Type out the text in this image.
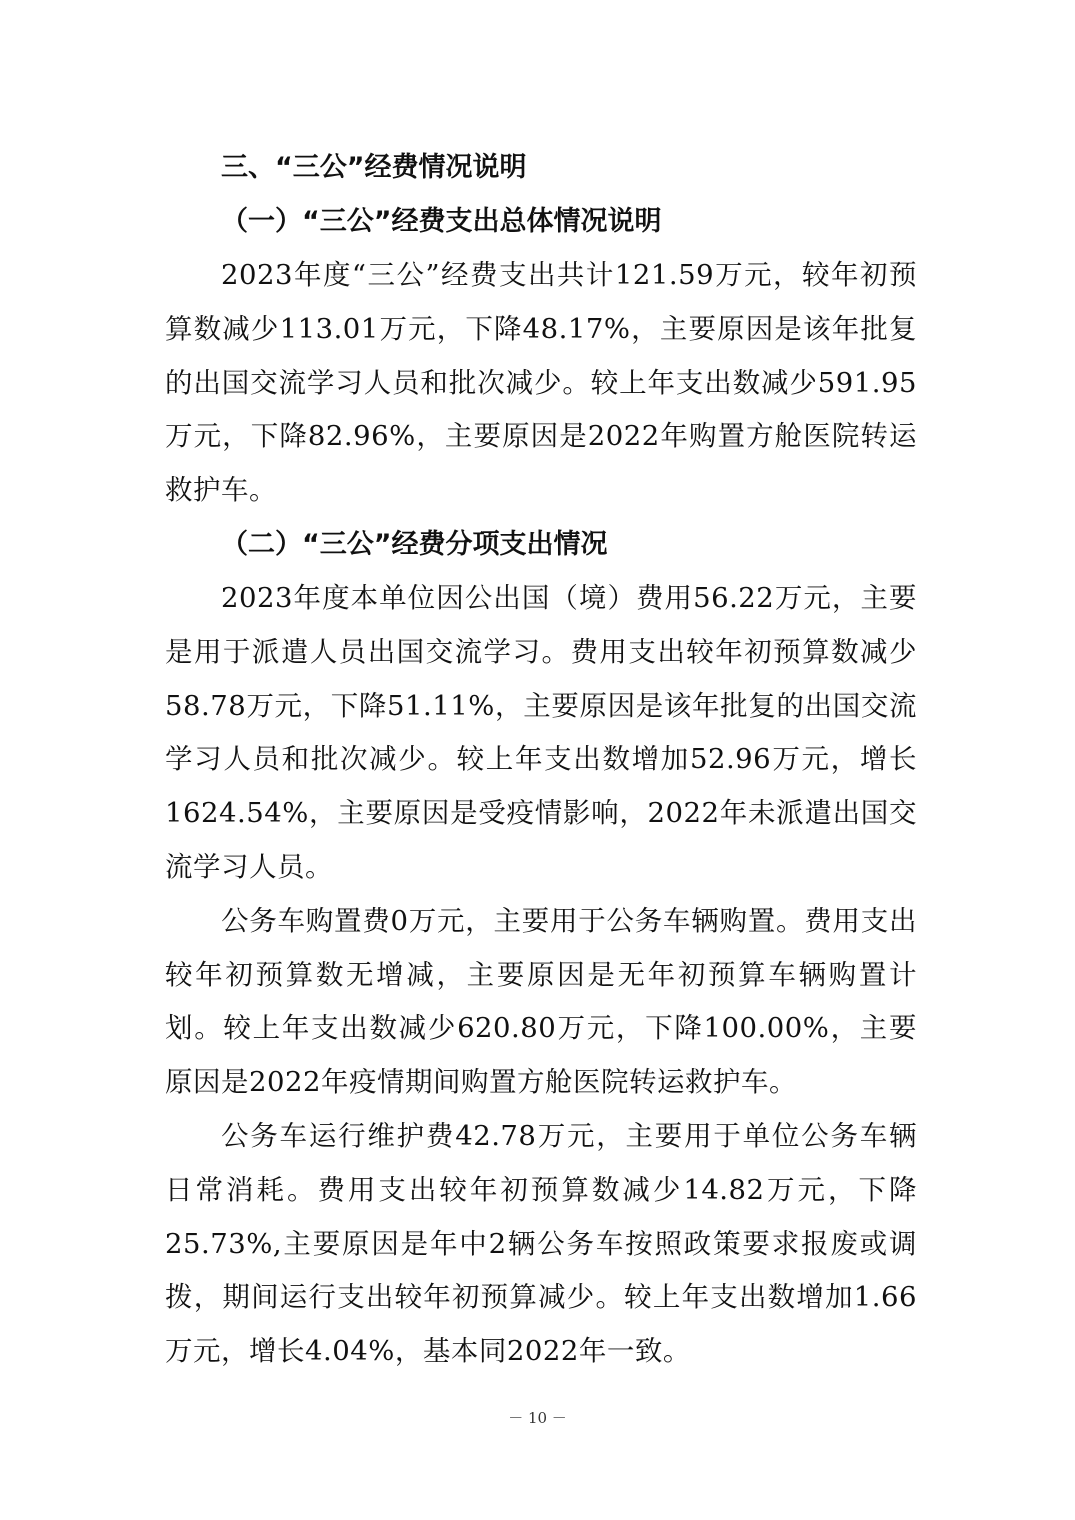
三、“三公”经费情况说明
（一）“三公”经费支出总体情况说明

2023年度“三公”经费支出共计121.59万元，较年初预算数减少113.01万元，下降48.17%，主要原因是该年批复的出国交流学习人员和批次减少。较上年支出数减少591.95万元，下降82.96%，主要原因是2022年购置方舱医院转运救护车。

（二）“三公”经费分项支出情况

2023年度本单位因公出国（境）费用56.22万元，主要是用于派遣人员出国交流学习。费用支出较年初预算数减少58.78万元，下降51.11%，主要原因是该年批复的出国交流学习人员和批次减少。较上年支出数增加52.96万元，增长1624.54%，主要原因是受疫情影响，2022年未派遣出国交流学习人员。

公务车购置费0万元，主要用于公务车辆购置。费用支出较年初预算数无增减，主要原因是无年初预算车辆购置计划。较上年支出数减少620.80万元，下降100.00%，主要原因是2022年疫情期间购置方舱医院转运救护车。

公务车运行维护费42.78万元，主要用于单位公务车辆日常消耗。费用支出较年初预算数减少14.82万元，下降25.73%,主要原因是年中2辆公务车按照政策要求报废或调拨，期间运行支出较年初预算减少。较上年支出数增加1.66万元，增长4.04%，基本同2022年一致。

－ 10 －
